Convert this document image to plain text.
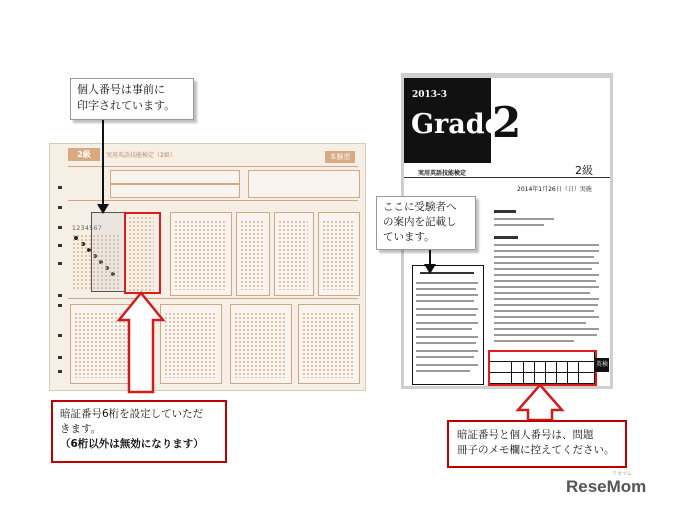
2級	実用英語技能検定（2級）	本験票
1234567
2013-3
Grade
2
実用英語技能検定	2級
2014年1月26日（日）実施
英検
個人番号は事前に
印字されています。
ここに受験者へ
の案内を記載し
ています。
暗証番号6桁を設定していただ
きます。
（6桁以外は無効になります）
暗証番号と個人番号は、問題
冊子のメモ欄に控えてください。
リセマム
ReseMom
